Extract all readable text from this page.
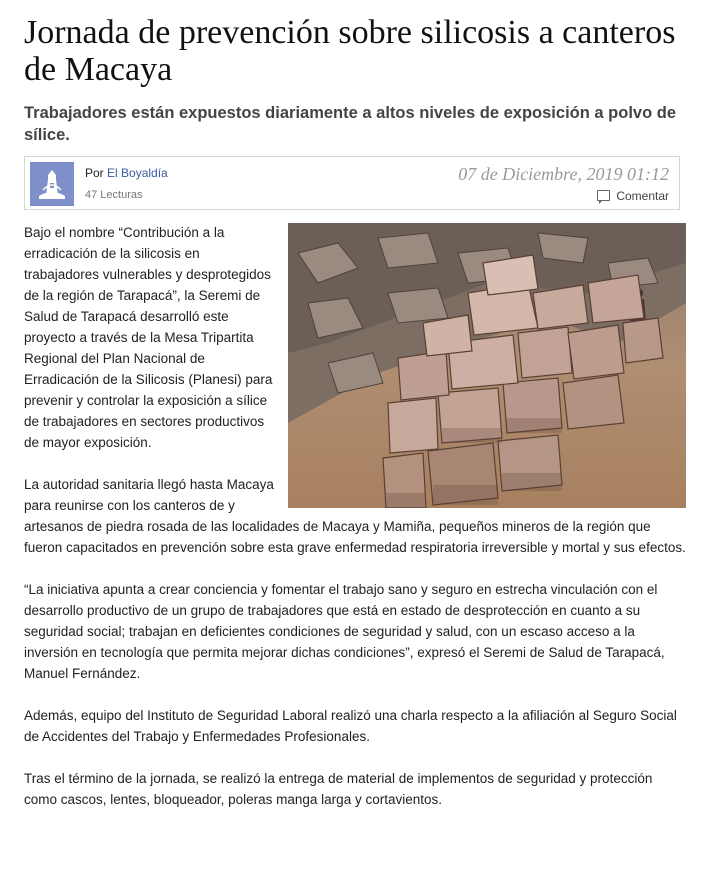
Jornada de prevención sobre silicosis a canteros de Macaya

Trabajadores están expuestos diariamente a altos niveles de exposición a polvo de sílice.

Por El Boyaldía
47 Lecturas
07 de Diciembre, 2019 01:12
Comentar

Bajo el nombre “Contribución a la erradicación de la silicosis en trabajadores vulnerables y desprotegidos de la región de Tarapacá”, la Seremi de Salud de Tarapacá desarrolló este proyecto a través de la Mesa Tripartita Regional del Plan Nacional de Erradicación de la Silicosis (Planesi) para prevenir y controlar la exposición a sílice de trabajadores en sectores productivos de mayor exposición.

La autoridad sanitaria llegó hasta Macaya para reunirse con los canteros de y artesanos de piedra rosada de las localidades de Macaya y Mamiña, pequeños mineros de la región que fueron capacitados en prevención sobre esta grave enfermedad respiratoria irreversible y mortal y sus efectos.

“La iniciativa apunta a crear conciencia y fomentar el trabajo sano y seguro en estrecha vinculación con el desarrollo productivo de un grupo de trabajadores que está en estado de desprotección en cuanto a su seguridad social; trabajan en deficientes condiciones de seguridad y salud, con un escaso acceso a la inversión en tecnología que permita mejorar dichas condiciones”, expresó el Seremi de Salud de Tarapacá, Manuel Fernández.

Además, equipo del Instituto de Seguridad Laboral realizó una charla respecto a la afiliación al Seguro Social de Accidentes del Trabajo y Enfermedades Profesionales.

Tras el término de la jornada, se realizó la entrega de material de implementos de seguridad y protección como cascos, lentes, bloqueador, poleras manga larga y cortavientos.
